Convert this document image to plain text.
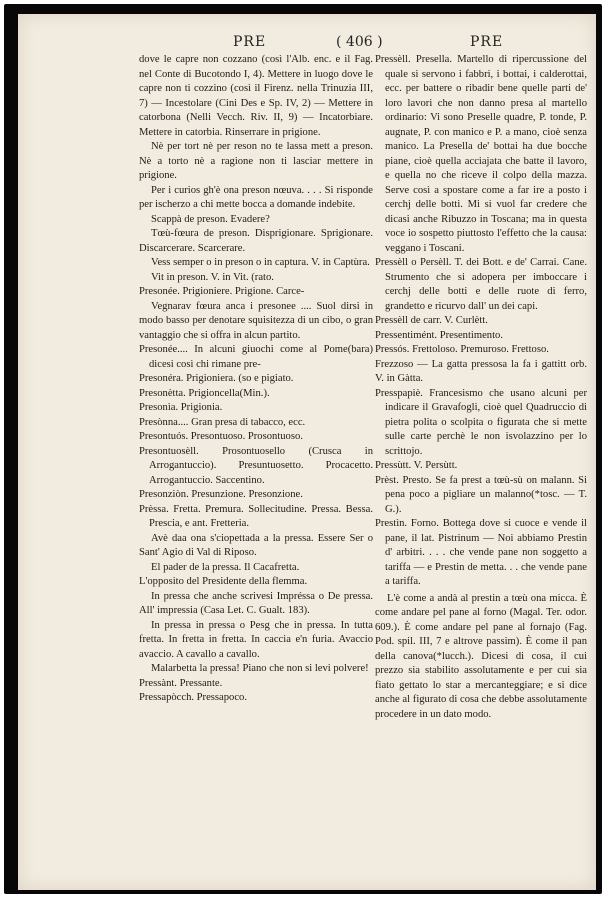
PRE	( 406 )	PRE

dove le capre non cozzano (così l'Alb. enc. e il Fag. nel Conte di Bucotondo I, 4). Mettere in luogo dove le capre non ti cozzino (così il Firenz. nella Trinuzia III, 7) — Incestolare (Cini Des e Sp. IV, 2) — Mettere in catorbona (Nelli Vecch. Riv. II, 9) — Incatorbiare. Mettere in catorbia. Rinserrare in prigione.

Nè per tort nè per reson no te lassa mett a preson. Nè a torto nè a ragione non ti lasciar mettere in prigione.

Per i curios gh'è ona preson nœuva. . . . Si risponde per ischerzo a chi mette bocca a domande indebite.

Scappà de preson. Evadere?

Tœù-fœura de preson. Disprigionare. Sprigionare. Discarcerare. Scarcerare.

Vess semper o in preson o in captura. V. in Captùra.

Vit in preson. V. in Vit. (rato.

Presonée. Prigioniere. Prigione. Carce-

Vegnarav fœura anca i presonee .... Suol dirsi in modo basso per denotare squisitezza di un cibo, o gran vantaggio che si offra in alcun partito.

Presonée.... In alcuni giuochi come al Pome(bara) dicesi così chi rimane pre-

Presonéra. Prigioniera. (so e pigiato.

Presonètta. Prigioncella(Min.).

Presonìa. Prigionia.

Presònna.... Gran presa di tabacco, ecc.

Presontuós. Presontuoso. Prosontuoso.

Presontuosèll. Prosontuosello (Crusca in Arrogantuccio). Presuntuosetto. Procacetto. Arrogantuccio. Saccentino.

Presonziòn. Presunzione. Presonzione.

Prèssa. Fretta. Premura. Sollecitudine. Pressa. Bessa. Prescia, e ant. Fretteria.

Avè daa ona s'ciopettada a la pressa. Essere Ser o Sant' Agio di Val di Riposo.

El pader de la pressa. Il Cacafretta.

L'opposito del Presidente della flemma.

In pressa che anche scrivesi Impréssa o De pressa. All' impressia (Casa Let. C. Gualt. 183).

In pressa in pressa o Pesg che in pressa. In tutta fretta. In fretta in fretta. In caccia e'n furia. Avaccio avaccio. A cavallo a cavallo.

Malarbetta la pressa! Piano che non si levi polvere!

Pressànt. Pressante.

Pressapòcch. Pressapoco.

Pressèll. Presella. Martello di ripercussione del quale si servono i fabbri, i bottai, i calderottai, ecc. per battere o ribadir bene quelle parti de' loro lavori che non danno presa al martello ordinario: Vi sono Preselle quadre, P. tonde, P. augnate, P. con manico e P. a mano, cioè senza manico. La Presella de' bottai ha due bocche piane, cioè quella acciajata che batte il lavoro, e quella no che riceve il colpo della mazza. Serve così a spostare come a far ire a posto i cerchj delle botti. Mi si vuol far credere che dicasi anche Ribuzzo in Toscana; ma in questa voce io sospetto piuttosto l'effetto che la causa: vegganо i Toscani.

Pressèll o Persèll. T. dei Bott. e de' Carrai. Cane. Strumento che si adopera per imboccare i cerchj delle botti e delle ruote di ferro, grandetto e ricurvo dall' un dei capi.

Pressèll de carr. V. Curlètt.

Pressentimént. Presentimento.

Pressós. Frettoloso. Premuroso. Frettoso.

Frezzoso — La gatta pressosa la fa i gattitt orb. V. in Gàtta.

Presspapiè. Francesismo che usano alcuni per indicare il Gravafogli, cioè quel Quadruccio di pietra polita o scolpita o figurata che si mette sulle carte perchè le non isvolazzino per lo scrittojo.

Pressùtt. V. Persùtt.

Prèst. Presto. Se fa prest a tœù-sù on malann. Si pena poco a pigliare un malanno(*tosc. — T. G.).

Prestìn. Forno. Bottega dove si cuoce e vende il pane, il lat. Pistrinum — Noi abbiamo Prestin d' arbitri. . . . che vende pane non soggetto a tariffa — e Prestin de metta. . . che vende pane a tariffa.

L'è come a andà al prestin a tœù ona micca. È come andare pel pane al forno (Magal. Ter. odor. 609.). È come andare pel pane al fornajo (Fag. Pod. spil. III, 7 e altrove passim). È come il pan della canova(*lucch.). Dicesi di cosa, il cui prezzo sia stabilito assolutamente e per cui sia fiato gettato lo star a mercanteggiare; e si dice anche al figurato di cosa che debbe assolutamente procedere in un dato modo.
